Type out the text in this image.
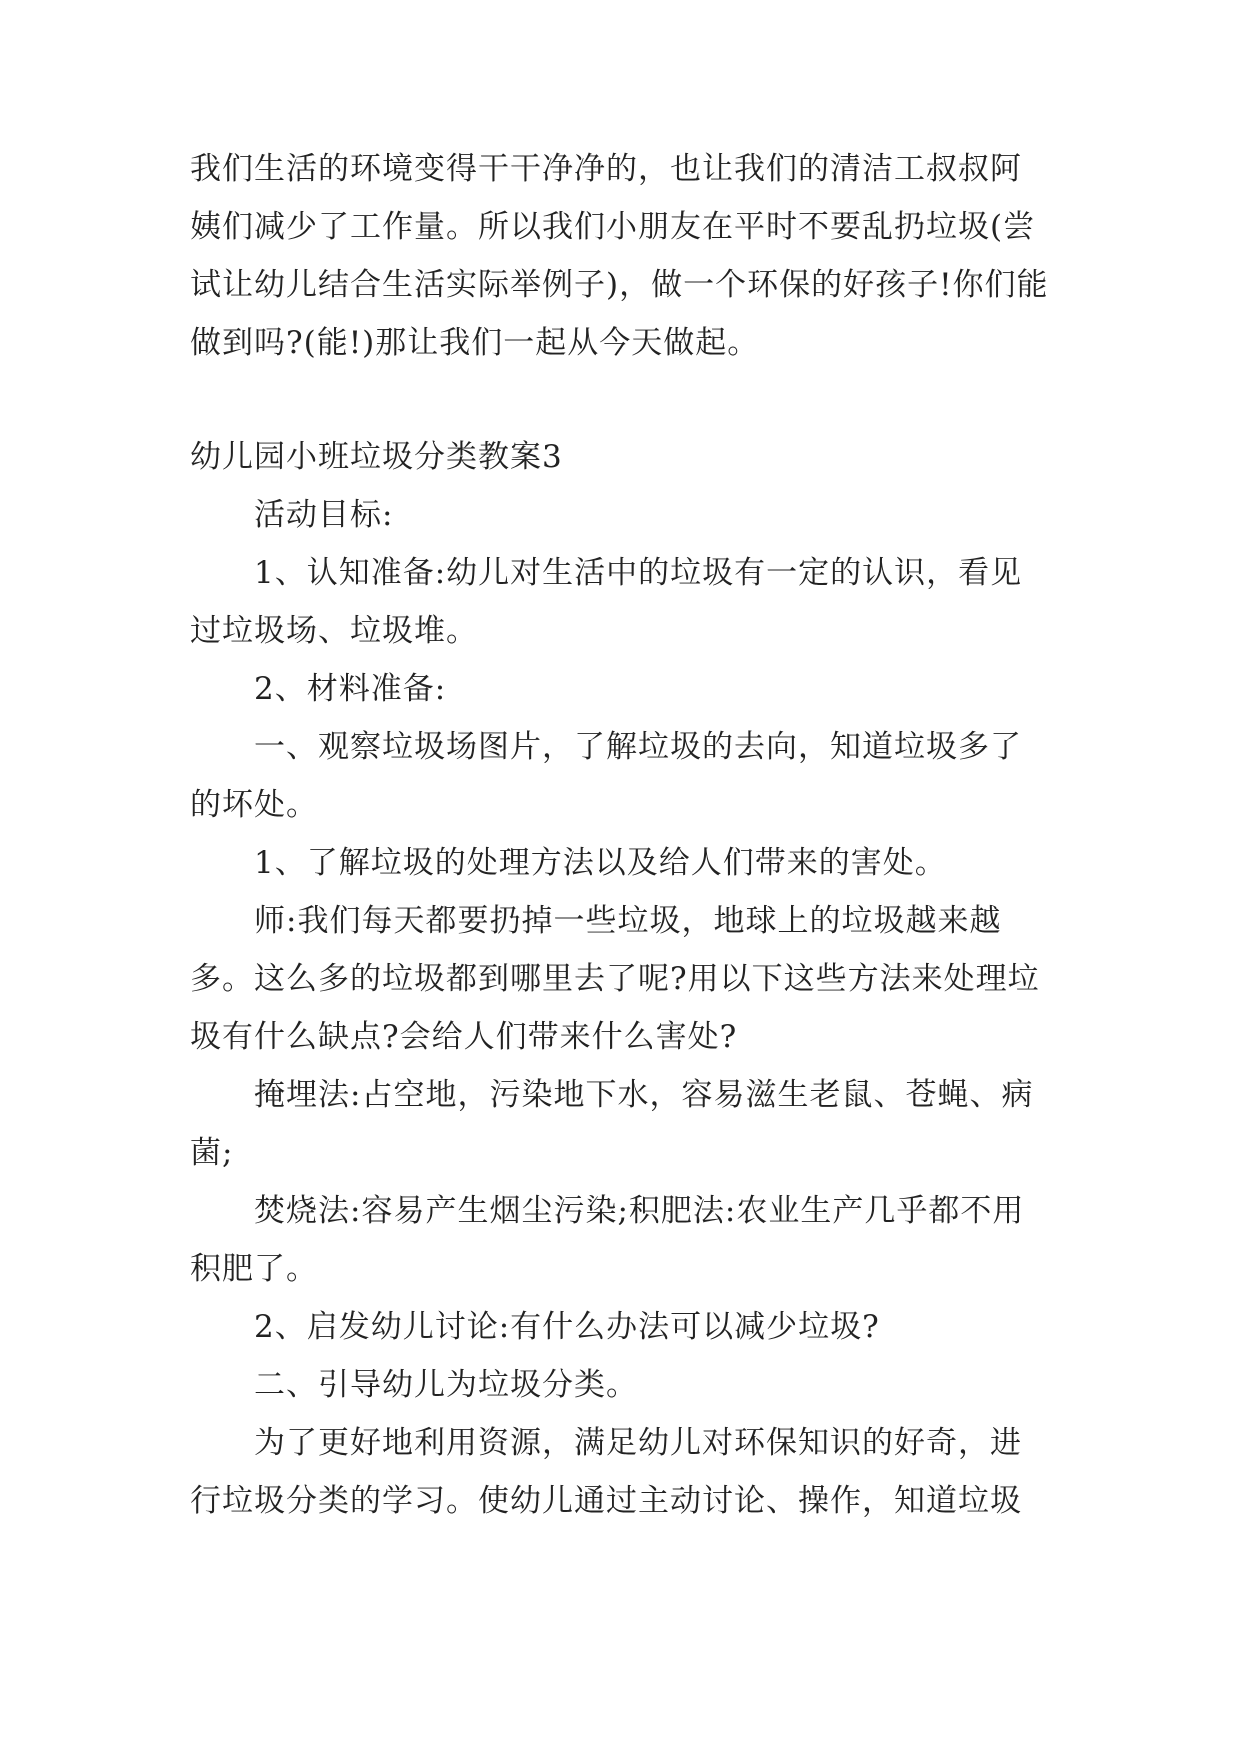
我们生活的环境变得干干净净的，也让我们的清洁工叔叔阿姨们减少了工作量。所以我们小朋友在平时不要乱扔垃圾(尝试让幼儿结合生活实际举例子)，做一个环保的好孩子!你们能做到吗?(能!)那让我们一起从今天做起。

幼儿园小班垃圾分类教案3

活动目标:

1、认知准备:幼儿对生活中的垃圾有一定的认识，看见过垃圾场、垃圾堆。

2、材料准备:

一、观察垃圾场图片，了解垃圾的去向，知道垃圾多了的坏处。

1、了解垃圾的处理方法以及给人们带来的害处。

师:我们每天都要扔掉一些垃圾，地球上的垃圾越来越多。这么多的垃圾都到哪里去了呢?用以下这些方法来处理垃圾有什么缺点?会给人们带来什么害处?

掩埋法:占空地，污染地下水，容易滋生老鼠、苍蝇、病菌;

焚烧法:容易产生烟尘污染;积肥法:农业生产几乎都不用积肥了。

2、启发幼儿讨论:有什么办法可以减少垃圾?

二、引导幼儿为垃圾分类。

为了更好地利用资源，满足幼儿对环保知识的好奇，进行垃圾分类的学习。使幼儿通过主动讨论、操作，知道垃圾
